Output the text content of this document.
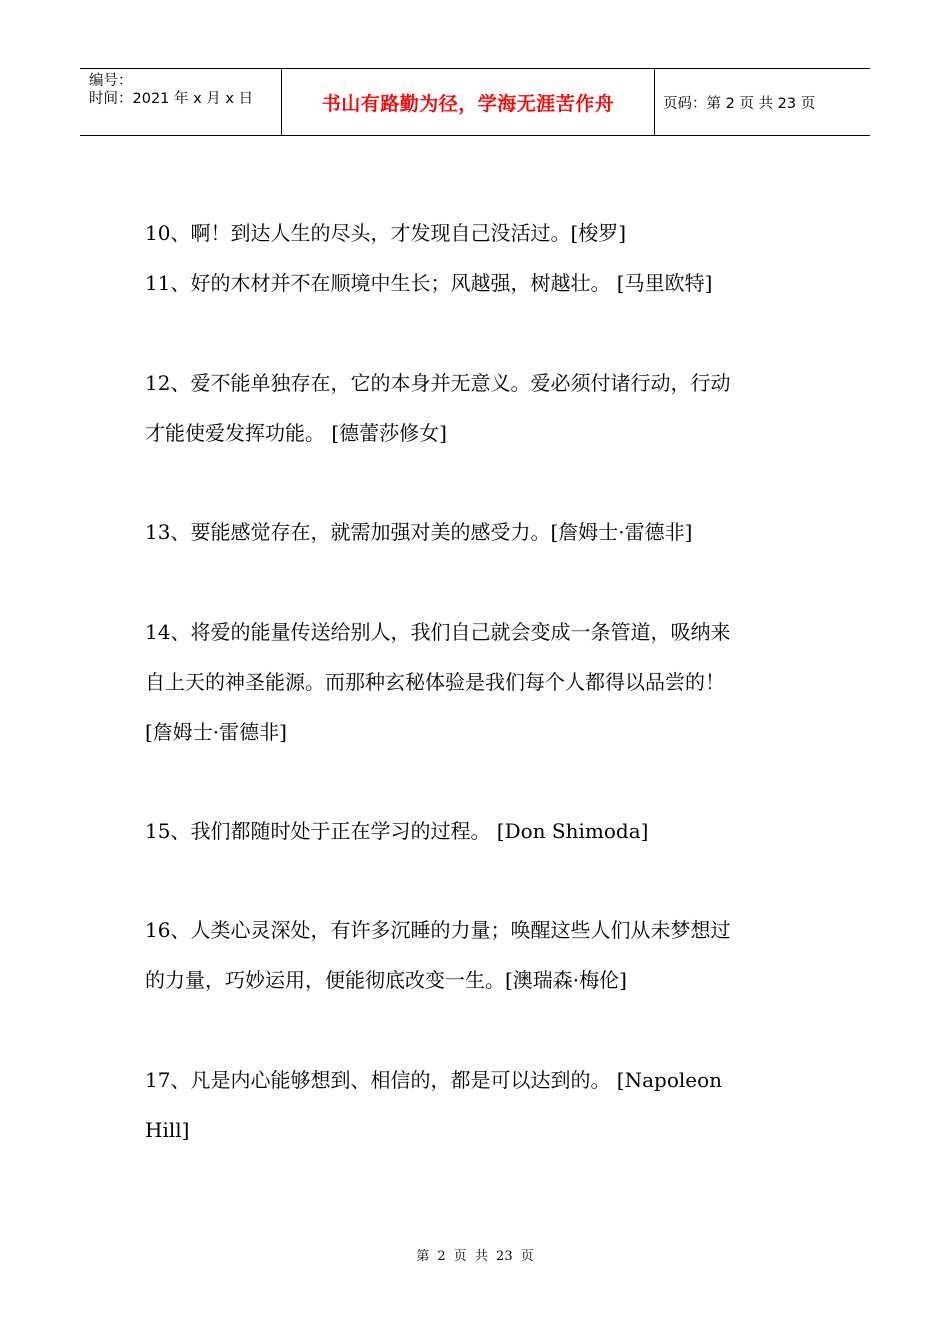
编号：
时间：2021 年 x 月 x 日	书山有路勤为径，学海无涯苦作舟	页码：第 2 页 共 23 页
10、啊！到达人生的尽头，才发现自己没活过。[梭罗]
11、好的木材并不在顺境中生长；风越强，树越壮。 [马里欧特]
12、爱不能单独存在，它的本身并无意义。爱必须付诸行动，行动
才能使爱发挥功能。 [德蕾莎修女]
13、要能感觉存在，就需加强对美的感受力。[詹姆士·雷德非]
14、将爱的能量传送给别人，我们自己就会变成一条管道，吸纳来
自上天的神圣能源。而那种玄秘体验是我们每个人都得以品尝的！
[詹姆士·雷德非]
15、我们都随时处于正在学习的过程。 [Don Shimoda]
16、人类心灵深处，有许多沉睡的力量；唤醒这些人们从未梦想过
的力量，巧妙运用，便能彻底改变一生。[澳瑞森·梅伦]
17、凡是内心能够想到、相信的，都是可以达到的。 [Napoleon
Hill]
第 2 页 共 23 页
